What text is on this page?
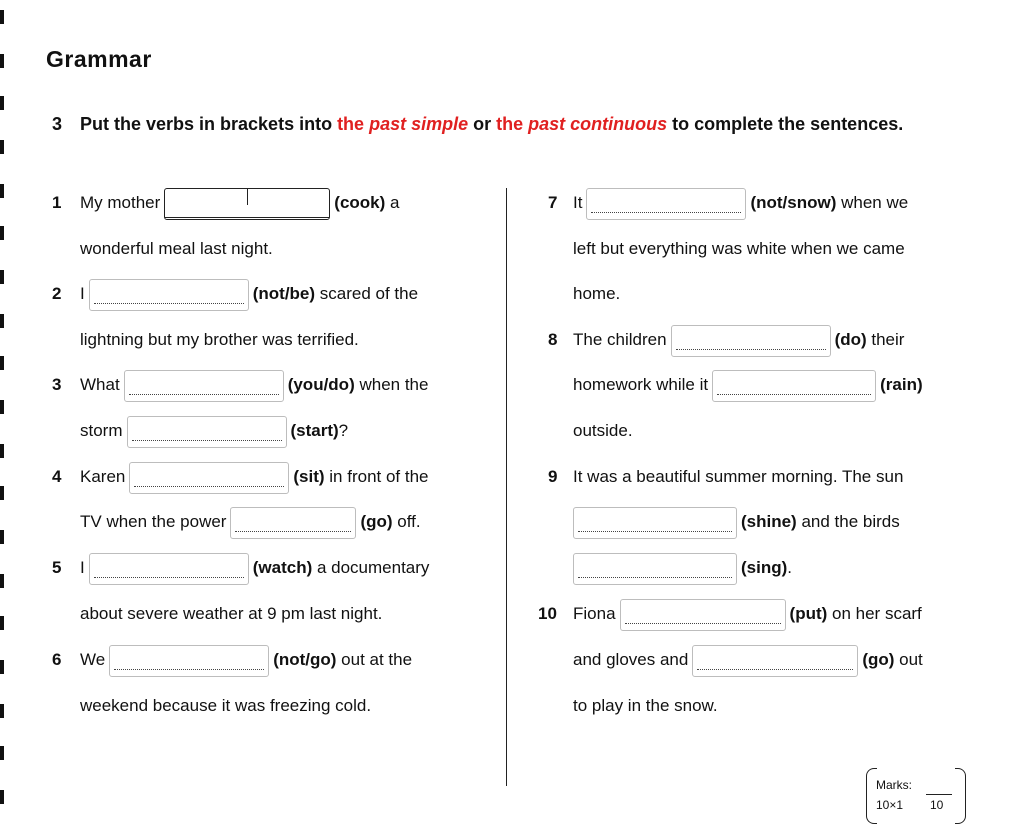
Grammar
3 Put the verbs in brackets into the past simple or the past continuous to complete the sentences.
1 My mother	(cook) a
wonderful meal last night.
2 I	(not/be) scared of the
lightning but my brother was terrified.
3 What	(you/do) when the
storm	(start)?
4 Karen	(sit) in front of the
TV when the power	(go) off.
5 I	(watch) a documentary
about severe weather at 9 pm last night.
6 We	(not/go) out at the
weekend because it was freezing cold.
7 It	(not/snow) when we
left but everything was white when we came
home.
8 The children	(do) their
homework while it	(rain)
outside.
9 It was a beautiful summer morning. The sun
(shine) and the birds
(sing).
10 Fiona	(put) on her scarf
and gloves and	(go) out
to play in the snow.
Marks:
10×1 10
